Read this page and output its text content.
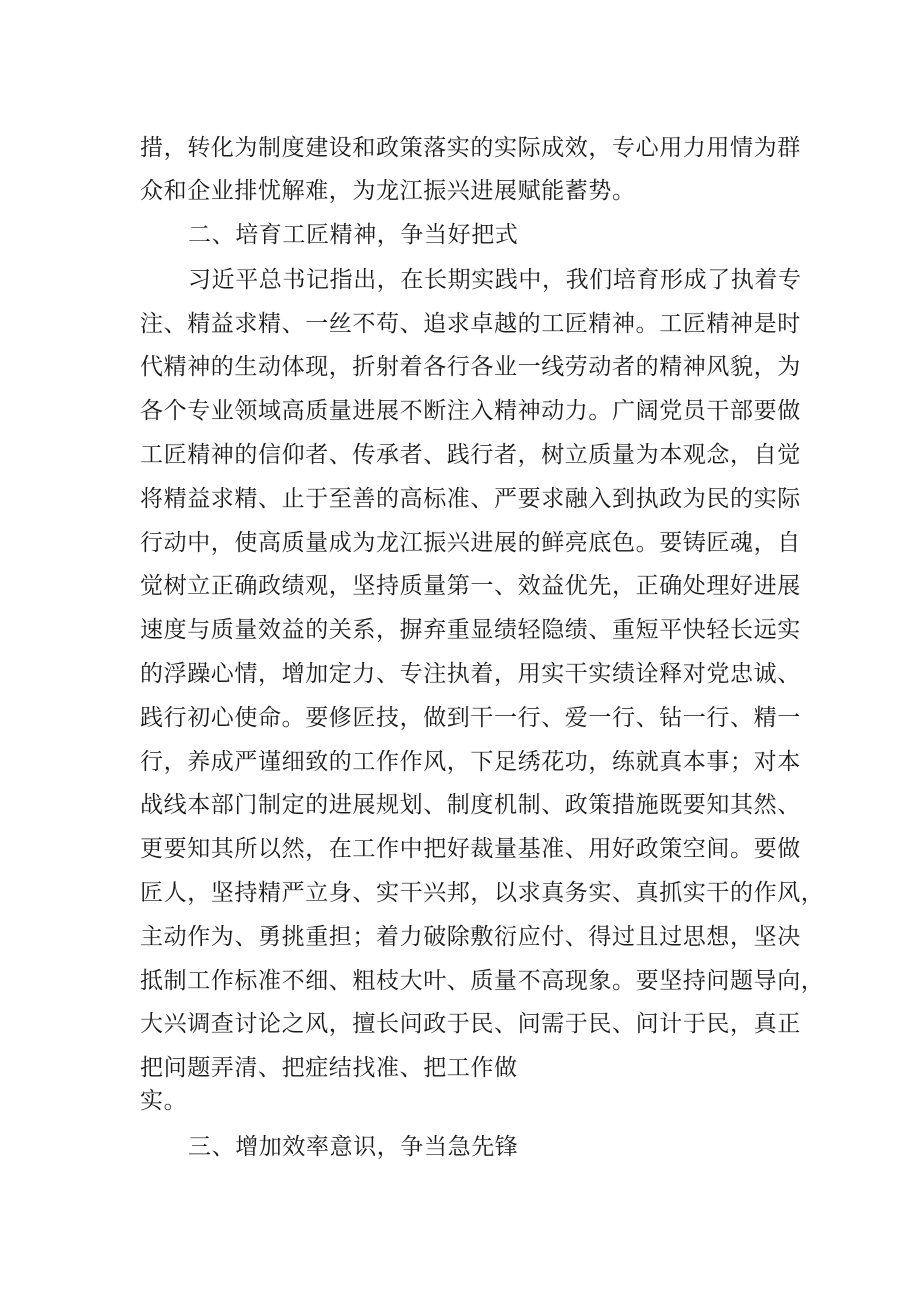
措，转化为制度建设和政策落实的实际成效，专心用力用情为群
众和企业排忧解难，为龙江振兴进展赋能蓄势。
二、培育工匠精神，争当好把式
习近平总书记指出，在长期实践中，我们培育形成了执着专
注、精益求精、一丝不苟、追求卓越的工匠精神。工匠精神是时
代精神的生动体现，折射着各行各业一线劳动者的精神风貌，为
各个专业领域高质量进展不断注入精神动力。广阔党员干部要做
工匠精神的信仰者、传承者、践行者，树立质量为本观念，自觉
将精益求精、止于至善的高标准、严要求融入到执政为民的实际
行动中，使高质量成为龙江振兴进展的鲜亮底色。要铸匠魂，自
觉树立正确政绩观，坚持质量第一、效益优先，正确处理好进展
速度与质量效益的关系，摒弃重显绩轻隐绩、重短平快轻长远实
的浮躁心情，增加定力、专注执着，用实干实绩诠释对党忠诚、
践行初心使命。要修匠技，做到干一行、爱一行、钻一行、精一
行，养成严谨细致的工作作风，下足绣花功，练就真本事；对本
战线本部门制定的进展规划、制度机制、政策措施既要知其然、
更要知其所以然，在工作中把好裁量基准、用好政策空间。要做
匠人，坚持精严立身、实干兴邦，以求真务实、真抓实干的作风，
主动作为、勇挑重担；着力破除敷衍应付、得过且过思想，坚决
抵制工作标准不细、粗枝大叶、质量不高现象。要坚持问题导向，
大兴调查讨论之风，擅长问政于民、问需于民、问计于民，真正
把问题弄清、把症结找准、把工作做
实。
三、增加效率意识，争当急先锋
